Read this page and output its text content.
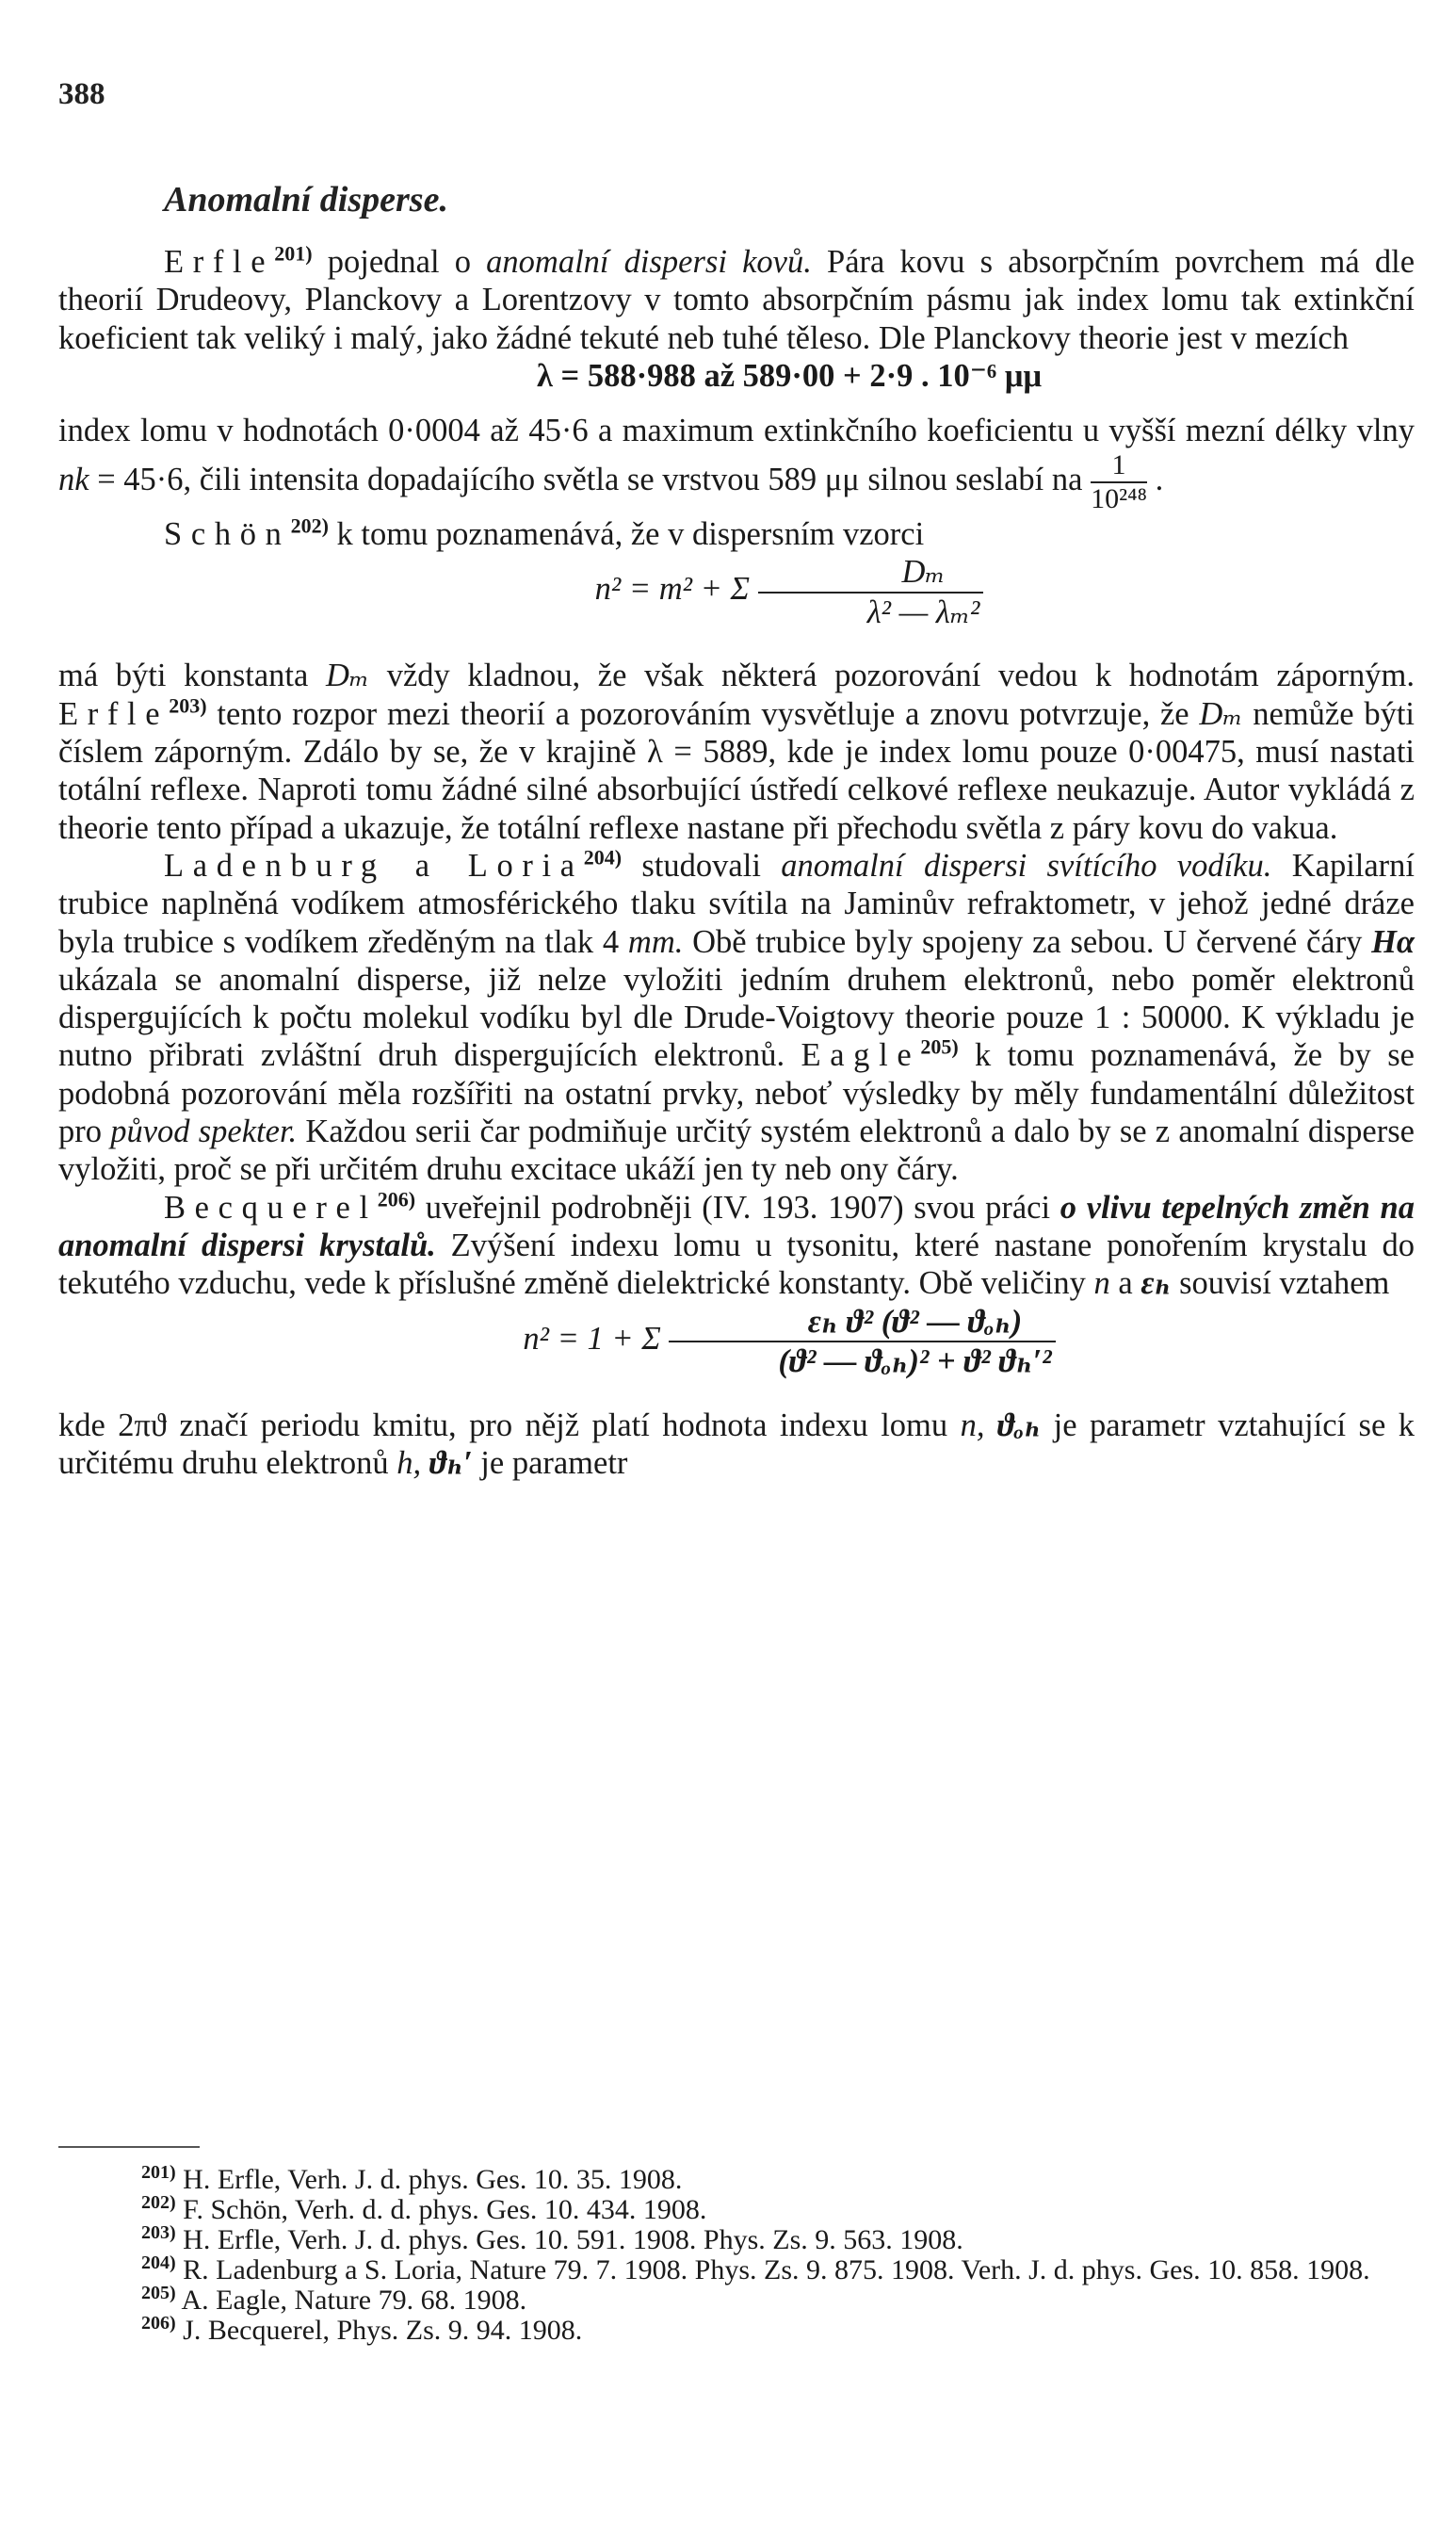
388
Anomalní disperse.

Erfle$^{201)}$ pojednal o anomalní dispersi kovů. Pára kovu s absorpčním povrchem má dle theorií Drudeovy, Planckovy a Lorentzovy v tomto absorpčním pásmu jak index lomu tak extinkční koeficient tak veliký i malý, jako žádné tekuté neb tuhé těleso. Dle Planckovy theorie jest v mezích

λ = 588·988 až 589·00 + 2·9 . 10⁻⁶ μμ

index lomu v hodnotách 0·0004 až 45·6 a maximum extinkčního koeficientu u vyšší mezní délky vlny nk = 45·6, čili intensita dopadajícího světla se vrstvou 589 μμ silnou seslabí na $\frac{1}{\text{10²⁴⁸}}$ .

Schön$^{202)}$ k tomu poznamenává, že v dispersním vzorci

n² = m² + Σ $\frac{\text{Dₘ}}{\text{λ² — λₘ²}}$

má býti konstanta Dₘ vždy kladnou, že však některá pozorování vedou k hodnotám záporným. Erfle$^{203)}$ tento rozpor mezi theorií a pozorováním vysvětluje a znovu potvrzuje, že Dₘ nemůže býti číslem záporným. Zdálo by se, že v krajině λ = 5889, kde je index lomu pouze 0·00475, musí nastati totální reflexe. Naproti tomu žádné silné absorbující ústředí celkové reflexe neukazuje. Autor vykládá z theorie tento případ a ukazuje, že totální reflexe nastane při přechodu světla z páry kovu do vakua.

Ladenburg a Loria$^{204)}$ studovali anomalní dispersi svítícího vodíku. Kapilarní trubice naplněná vodíkem atmosférického tlaku svítila na Jaminův refraktometr, v jehož jedné dráze byla trubice s vodíkem zředěným na tlak 4 mm. Obě trubice byly spojeny za sebou. U červené čáry Hα ukázala se anomalní disperse, již nelze vyložiti jedním druhem elektronů, nebo poměr elektronů dispergujících k počtu molekul vodíku byl dle Drude-Voigtovy theorie pouze 1 : 50000. K výkladu je nutno přibrati zvláštní druh dispergujících elektronů. Eagle$^{205)}$ k tomu poznamenává, že by se podobná pozorování měla rozšířiti na ostatní prvky, neboť výsledky by měly fundamentální důležitost pro původ spekter. Každou serii čar podmiňuje určitý systém elektronů a dalo by se z anomalní disperse vyložiti, proč se při určitém druhu excitace ukáží jen ty neb ony čáry.

Becquerel$^{206)}$ uveřejnil podrobněji (IV. 193. 1907) svou práci o vlivu tepelných změn na anomalní dispersi krystalů. Zvýšení indexu lomu u tysonitu, které nastane ponořením krystalu do tekutého vzduchu, vede k příslušné změně dielektrické konstanty. Obě veličiny n a εₕ souvisí vztahem

n² = 1 + Σ $\frac{\text{εₕ ϑ² (ϑ² — ϑₒₕ)}}{\text{(ϑ² — ϑₒₕ)² + ϑ² ϑₕ′²}}$

kde 2πϑ značí periodu kmitu, pro nějž platí hodnota indexu lomu n, ϑₒₕ je parametr vztahující se k určitému druhu elektronů h, ϑₕ′ je parametr

$^{201)}$ H. Erfle, Verh. J. d. phys. Ges. 10. 35. 1908.

$^{202)}$ F. Schön, Verh. d. d. phys. Ges. 10. 434. 1908.

$^{203)}$ H. Erfle, Verh. J. d. phys. Ges. 10. 591. 1908. Phys. Zs. 9. 563. 1908.

$^{204)}$ R. Ladenburg a S. Loria, Nature 79. 7. 1908. Phys. Zs. 9. 875. 1908. Verh. J. d. phys. Ges. 10. 858. 1908.

$^{205)}$ A. Eagle, Nature 79. 68. 1908.

$^{206)}$ J. Becquerel, Phys. Zs. 9. 94. 1908.
